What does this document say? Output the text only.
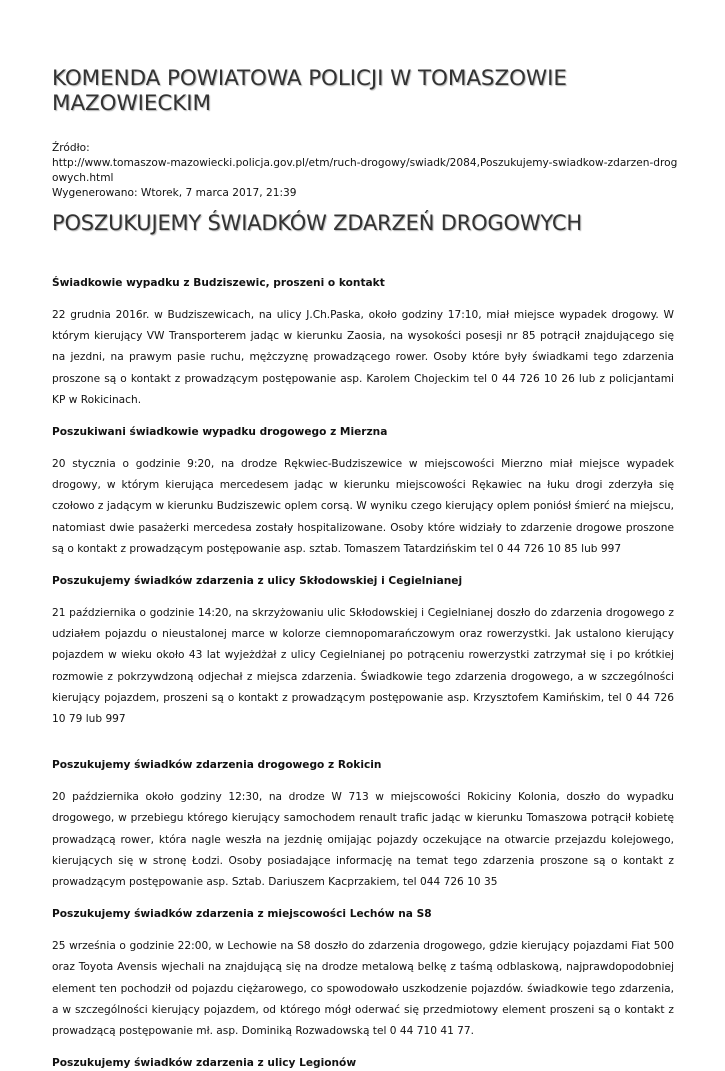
KOMENDA POWIATOWA POLICJI W TOMASZOWIE MAZOWIECKIM
Źródło:
http://www.tomaszow-mazowiecki.policja.gov.pl/etm/ruch-drogowy/swiadk/2084,Poszukujemy-swiadkow-zdarzen-drogowych.html
Wygenerowano: Wtorek, 7 marca 2017, 21:39
POSZUKUJEMY ŚWIADKÓW ZDARZEŃ DROGOWYCH
Świadkowie wypadku z Budziszewic, proszeni o kontakt

22 grudnia 2016r. w Budziszewicach, na ulicy J.Ch.Paska, około godziny 17:10, miał miejsce wypadek drogowy. W którym kierujący VW Transporterem jadąc w kierunku Zaosia, na wysokości posesji nr 85 potrącił znajdującego się na jezdni, na prawym pasie ruchu, mężczyznę prowadzącego rower. Osoby które były świadkami tego zdarzenia proszone są o kontakt z prowadzącym postępowanie asp. Karolem Chojeckim tel 0 44 726 10 26 lub z policjantami KP w Rokicinach.

Poszukiwani świadkowie wypadku drogowego z Mierzna

20 stycznia o godzinie 9:20, na drodze Rękwiec-Budziszewice w miejscowości Mierzno miał miejsce wypadek drogowy, w którym kierująca mercedesem jadąc w kierunku miejscowości Rękawiec na łuku drogi zderzyła się czołowo z jadącym w kierunku Budziszewic oplem corsą. W wyniku czego kierujący oplem poniósł śmierć na miejscu, natomiast dwie pasażerki mercedesa zostały hospitalizowane. Osoby które widziały to zdarzenie drogowe proszone są o kontakt z prowadzącym postępowanie asp. sztab. Tomaszem Tatardzińskim tel 0 44 726 10 85 lub 997

Poszukujemy świadków zdarzenia z ulicy Skłodowskiej i Cegielnianej

21 października o godzinie 14:20, na skrzyżowaniu ulic Skłodowskiej i Cegielnianej doszło do zdarzenia drogowego z udziałem pojazdu o nieustalonej marce w kolorze ciemnopomarańczowym oraz rowerzystki. Jak ustalono kierujący pojazdem w wieku około 43 lat wyjeżdżał z ulicy Cegielnianej po potrąceniu rowerzystki zatrzymał się i po krótkiej rozmowie z pokrzywdzoną odjechał z miejsca zdarzenia. Świadkowie tego zdarzenia drogowego, a w szczególności kierujący pojazdem, proszeni są o kontakt z prowadzącym postępowanie asp. Krzysztofem Kamińskim, tel 0 44 726 10 79 lub 997

Poszukujemy świadków zdarzenia drogowego z Rokicin

20 października około godziny 12:30, na drodze W 713 w miejscowości Rokiciny Kolonia, doszło do wypadku drogowego, w przebiegu którego kierujący samochodem renault trafic jadąc w kierunku Tomaszowa potrącił kobietę prowadzącą rower, która nagle weszła na jezdnię omijając pojazdy oczekujące na otwarcie przejazdu kolejowego, kierujących się w stronę Łodzi. Osoby posiadające informację na temat tego zdarzenia proszone są o kontakt z prowadzącym postępowanie asp. Sztab. Dariuszem Kacprzakiem, tel 044 726 10 35

Poszukujemy świadków zdarzenia z miejscowości Lechów na S8

25 września o godzinie 22:00, w Lechowie na S8 doszło do zdarzenia drogowego, gdzie kierujący pojazdami Fiat 500 oraz Toyota Avensis wjechali na znajdującą się na drodze metalową belkę z taśmą odblaskową, najprawdopodobniej element ten pochodził od pojazdu ciężarowego, co spowodowało uszkodzenie pojazdów. świadkowie tego zdarzenia, a w szczególności kierujący pojazdem, od którego mógł oderwać się przedmiotowy element proszeni są o kontakt z prowadzącą postępowanie mł. asp. Dominiką Rozwadowską tel 0 44 710 41 77.

Poszukujemy świadków zdarzenia z ulicy Legionów
